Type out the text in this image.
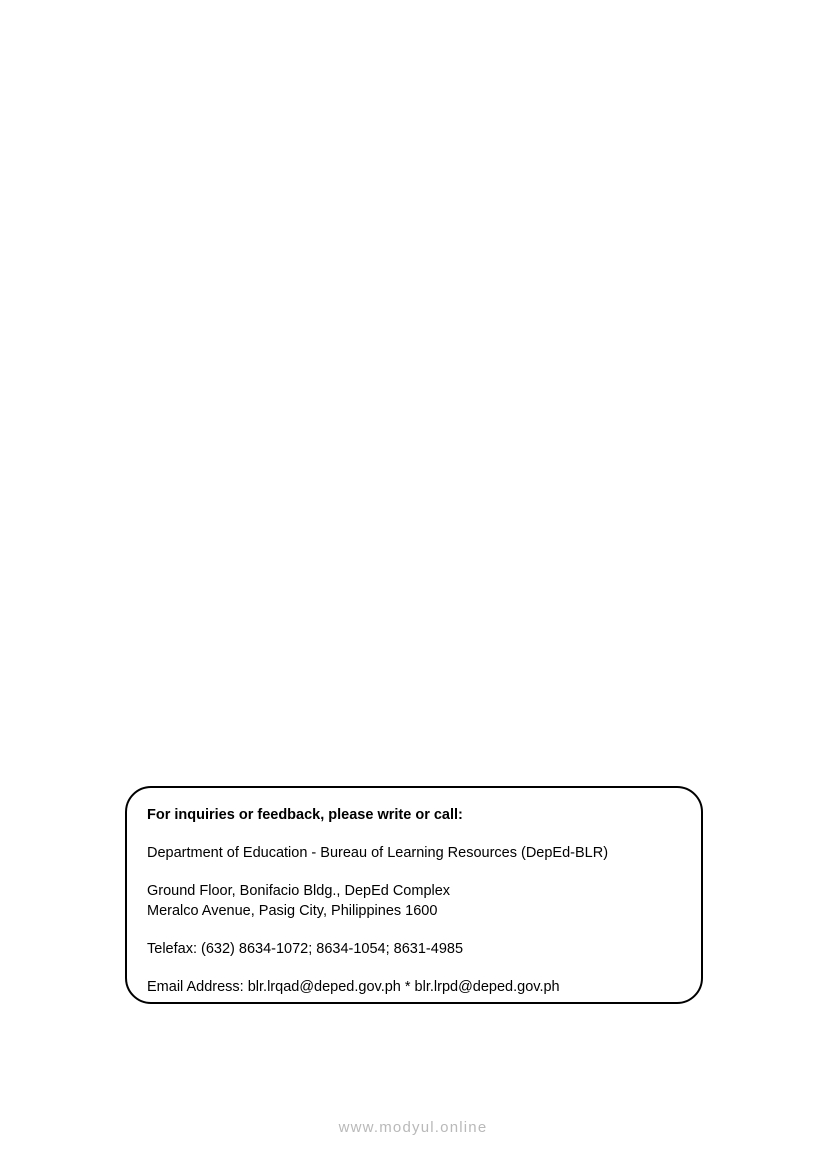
For inquiries or feedback, please write or call:
Department of Education - Bureau of Learning Resources (DepEd-BLR)
Ground Floor, Bonifacio Bldg., DepEd Complex
Meralco Avenue, Pasig City, Philippines 1600
Telefax: (632) 8634-1072; 8634-1054; 8631-4985
Email Address: blr.lrqad@deped.gov.ph * blr.lrpd@deped.gov.ph
www.modyul.online
